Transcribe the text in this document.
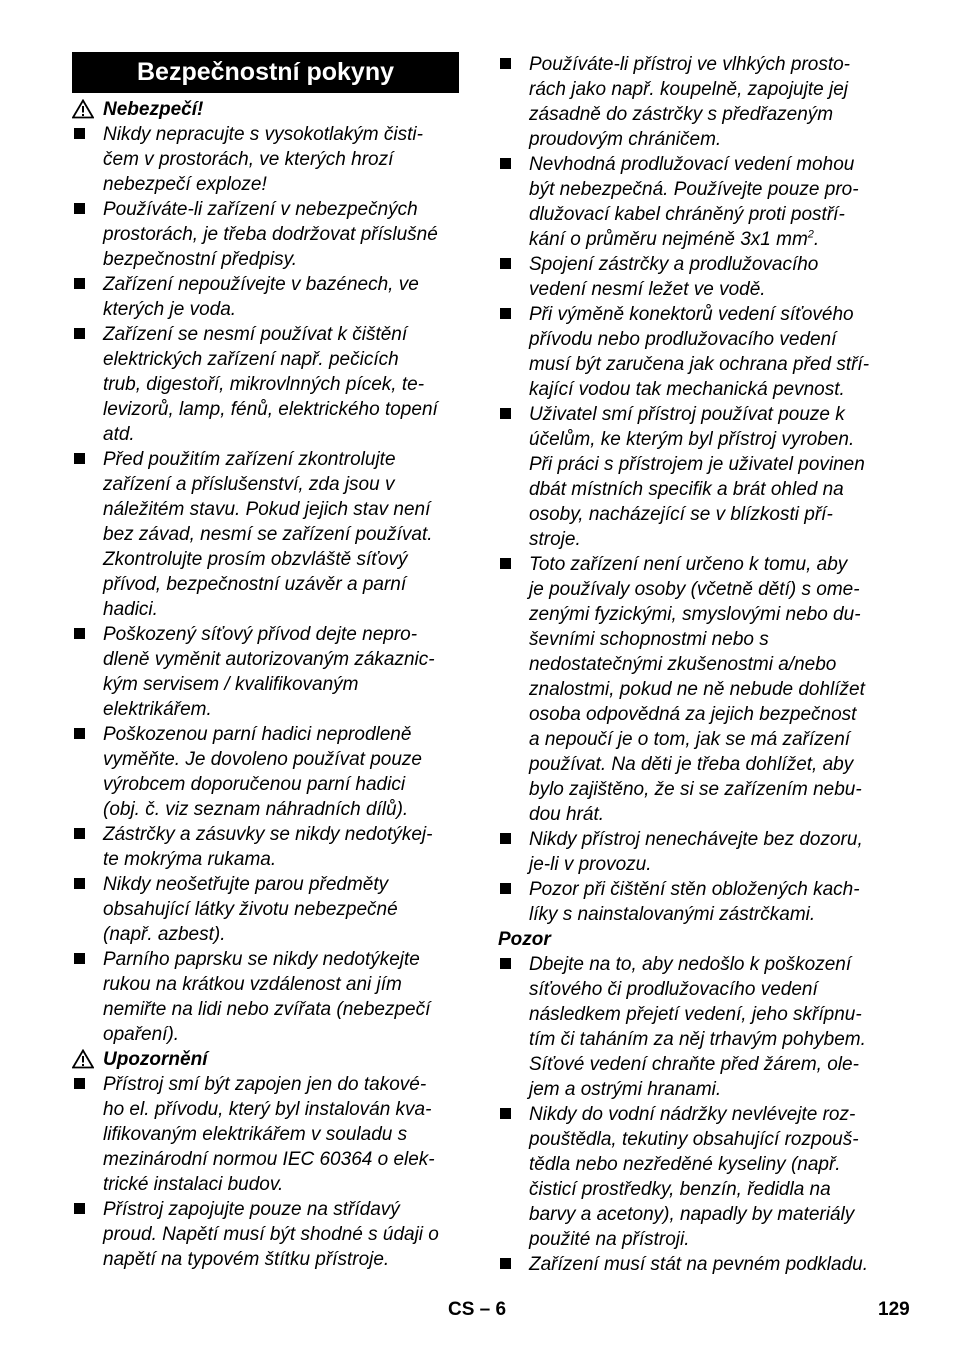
Bezpečnostní pokyny
Nebezpečí!
Nikdy nepracujte s vysokotlakým čisti-
čem v prostorách, ve kterých hrozí
nebezpečí exploze!
Používáte-li zařízení v nebezpečných
prostorách, je třeba dodržovat příslušné
bezpečnostní předpisy.
Zařízení nepoužívejte v bazénech, ve
kterých je voda.
Zařízení se nesmí používat k čištění
elektrických zařízení např. pečicích
trub, digestoří, mikrovlnných pícek, te-
levizorů, lamp, fénů, elektrického topení
atd.
Před použitím zařízení zkontrolujte
zařízení a příslušenství, zda jsou v
náležitém stavu. Pokud jejich stav není
bez závad, nesmí se zařízení používat.
Zkontrolujte prosím obzvláště síťový
přívod, bezpečnostní uzávěr a parní
hadici.
Poškozený síťový přívod dejte nepro-
dleně vyměnit autorizovaným zákaznic-
kým servisem / kvalifikovaným
elektrikářem.
Poškozenou parní hadici neprodleně
vyměňte. Je dovoleno používat pouze
výrobcem doporučenou parní hadici
(obj. č. viz seznam náhradních dílů).
Zástrčky a zásuvky se nikdy nedotýkej-
te mokrýma rukama.
Nikdy neošetřujte parou předměty
obsahující látky životu nebezpečné
(např. azbest).
Parního paprsku se nikdy nedotýkejte
rukou na krátkou vzdálenost ani jím
nemiřte na lidi nebo zvířata (nebezpečí
opaření).
Upozornění
Přístroj smí být zapojen jen do takové-
ho el. přívodu, který byl instalován kva-
lifikovaným elektrikářem v souladu s
mezinárodní normou IEC 60364 o elek-
trické instalaci budov.
Přístroj zapojujte pouze na střídavý
proud. Napětí musí být shodné s údaji o
napětí na typovém štítku přístroje.
Používáte-li přístroj ve vlhkých prosto-
rách jako např. koupelně, zapojujte jej
zásadně do zástrčky s předřazeným
proudovým chráničem.
Nevhodná prodlužovací vedení mohou
být nebezpečná. Používejte pouze pro-
dlužovací kabel chráněný proti postří-
kání o průměru nejméně 3x1 $mm^2$.
Spojení zástrčky a prodlužovacího
vedení nesmí ležet ve vodě.
Při výměně konektorů vedení síťového
přívodu nebo prodlužovacího vedení
musí být zaručena jak ochrana před stří-
kající vodou tak mechanická pevnost.
Uživatel smí přístroj používat pouze k
účelům, ke kterým byl přístroj vyroben.
Při práci s přístrojem je uživatel povinen
dbát místních specifik a brát ohled na
osoby, nacházející se v blízkosti pří-
stroje.
Toto zařízení není určeno k tomu, aby
je používaly osoby (včetně dětí) s ome-
zenými fyzickými, smyslovými nebo du-
ševními schopnostmi nebo s
nedostatečnými zkušenostmi a/nebo
znalostmi, pokud ne ně nebude dohlížet
osoba odpovědná za jejich bezpečnost
a nepoučí je o tom, jak se má zařízení
používat. Na děti je třeba dohlížet, aby
bylo zajištěno, že si se zařízením nebu-
dou hrát.
Nikdy přístroj nenechávejte bez dozoru,
je-li v provozu.
Pozor při čištění stěn obložených kach-
líky s nainstalovanými zástrčkami.
Pozor
Dbejte na to, aby nedošlo k poškození
síťového či prodlužovacího vedení
následkem přejetí vedení, jeho skřípnu-
tím či taháním za něj trhavým pohybem.
Síťové vedení chraňte před žárem, ole-
jem a ostrými hranami.
Nikdy do vodní nádržky nevlévejte roz-
pouštědla, tekutiny obsahující rozpouš-
tědla nebo nezředěné kyseliny (např.
čisticí prostředky, benzín, ředidla na
barvy a acetony), napadly by materiály
použité na přístroji.
Zařízení musí stát na pevném podkladu.
CS – 6	129
